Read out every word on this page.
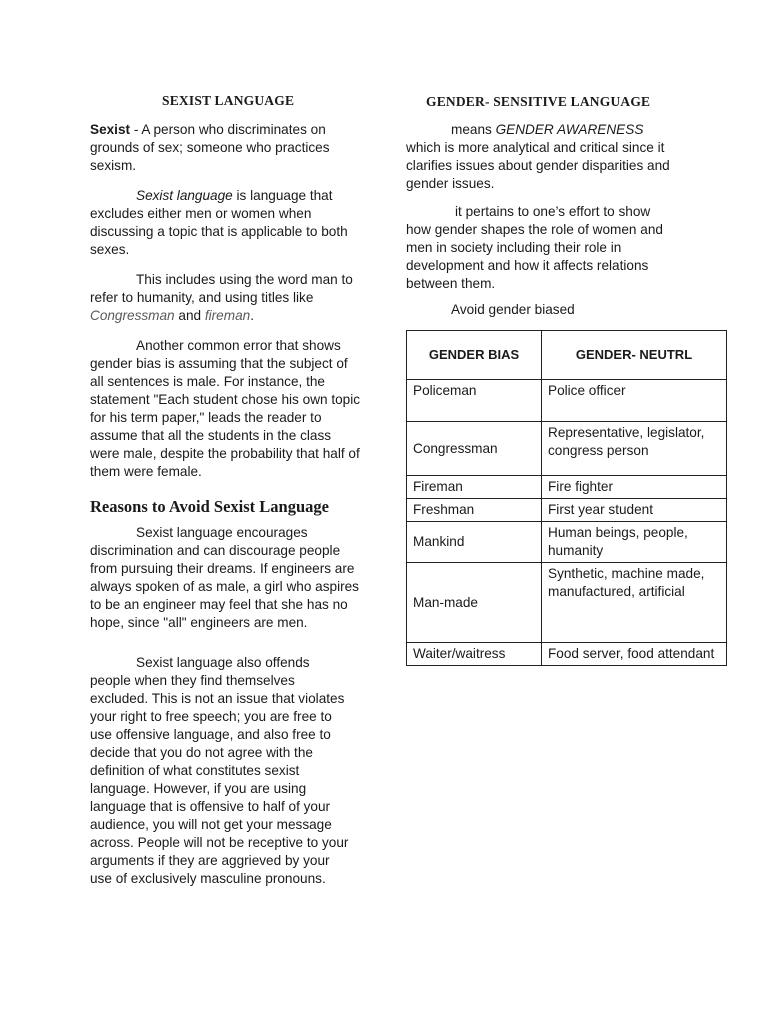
SEXIST LANGUAGE

Sexist - A person who discriminates on grounds of sex; someone who practices sexism.

Sexist language is language that excludes either men or women when discussing a topic that is applicable to both sexes.

This includes using the word man to refer to humanity, and using titles like Congressman and fireman.

Another common error that shows gender bias is assuming that the subject of all sentences is male. For instance, the statement "Each student chose his own topic for his term paper," leads the reader to assume that all the students in the class were male, despite the probability that half of them were female.

Reasons to Avoid Sexist Language

Sexist language encourages discrimination and can discourage people from pursuing their dreams. If engineers are always spoken of as male, a girl who aspires to be an engineer may feel that she has no hope, since "all" engineers are men.

Sexist language also offends people when they find themselves excluded. This is not an issue that violates your right to free speech; you are free to use offensive language, and also free to decide that you do not agree with the definition of what constitutes sexist language. However, if you are using language that is offensive to half of your audience, you will not get your message across. People will not be receptive to your arguments if they are aggrieved by your use of exclusively masculine pronouns.

GENDER- SENSITIVE LANGUAGE

means GENDER AWARENESS

which is more analytical and critical since it clarifies issues about gender disparities and gender issues.

it pertains to one’s effort to show

how gender shapes the role of women and men in society including their role in development and how it affects relations between them.

Avoid gender biased

GENDER BIAS	GENDER- NEUTRL
Policeman	Police officer
Congressman	Representative, legislator, congress person
Fireman	Fire fighter
Freshman	First year student
Mankind	Human beings, people, humanity
Man-made	Synthetic, machine made, manufactured, artificial
Waiter/waitress	Food server, food attendant
